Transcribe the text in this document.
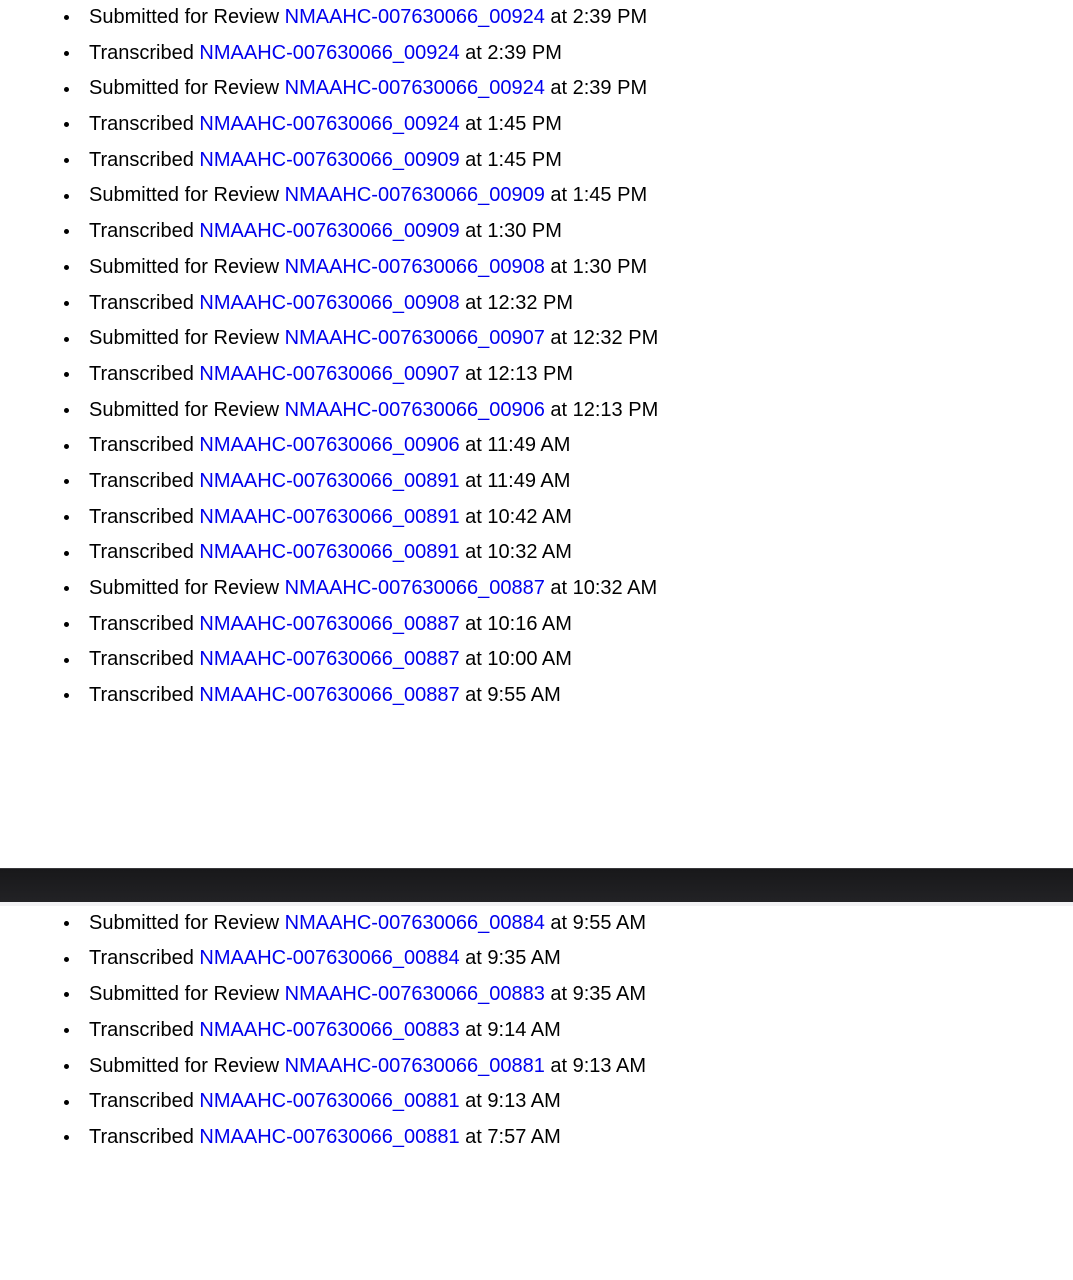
Submitted for Review NMAAHC-007630066_00924 at 2:39 PM
Transcribed NMAAHC-007630066_00924 at 2:39 PM
Submitted for Review NMAAHC-007630066_00924 at 2:39 PM
Transcribed NMAAHC-007630066_00924 at 1:45 PM
Transcribed NMAAHC-007630066_00909 at 1:45 PM
Submitted for Review NMAAHC-007630066_00909 at 1:45 PM
Transcribed NMAAHC-007630066_00909 at 1:30 PM
Submitted for Review NMAAHC-007630066_00908 at 1:30 PM
Transcribed NMAAHC-007630066_00908 at 12:32 PM
Submitted for Review NMAAHC-007630066_00907 at 12:32 PM
Transcribed NMAAHC-007630066_00907 at 12:13 PM
Submitted for Review NMAAHC-007630066_00906 at 12:13 PM
Transcribed NMAAHC-007630066_00906 at 11:49 AM
Transcribed NMAAHC-007630066_00891 at 11:49 AM
Transcribed NMAAHC-007630066_00891 at 10:42 AM
Transcribed NMAAHC-007630066_00891 at 10:32 AM
Submitted for Review NMAAHC-007630066_00887 at 10:32 AM
Transcribed NMAAHC-007630066_00887 at 10:16 AM
Transcribed NMAAHC-007630066_00887 at 10:00 AM
Transcribed NMAAHC-007630066_00887 at 9:55 AM
Submitted for Review NMAAHC-007630066_00884 at 9:55 AM
Transcribed NMAAHC-007630066_00884 at 9:35 AM
Submitted for Review NMAAHC-007630066_00883 at 9:35 AM
Transcribed NMAAHC-007630066_00883 at 9:14 AM
Submitted for Review NMAAHC-007630066_00881 at 9:13 AM
Transcribed NMAAHC-007630066_00881 at 9:13 AM
Transcribed NMAAHC-007630066_00881 at 7:57 AM
